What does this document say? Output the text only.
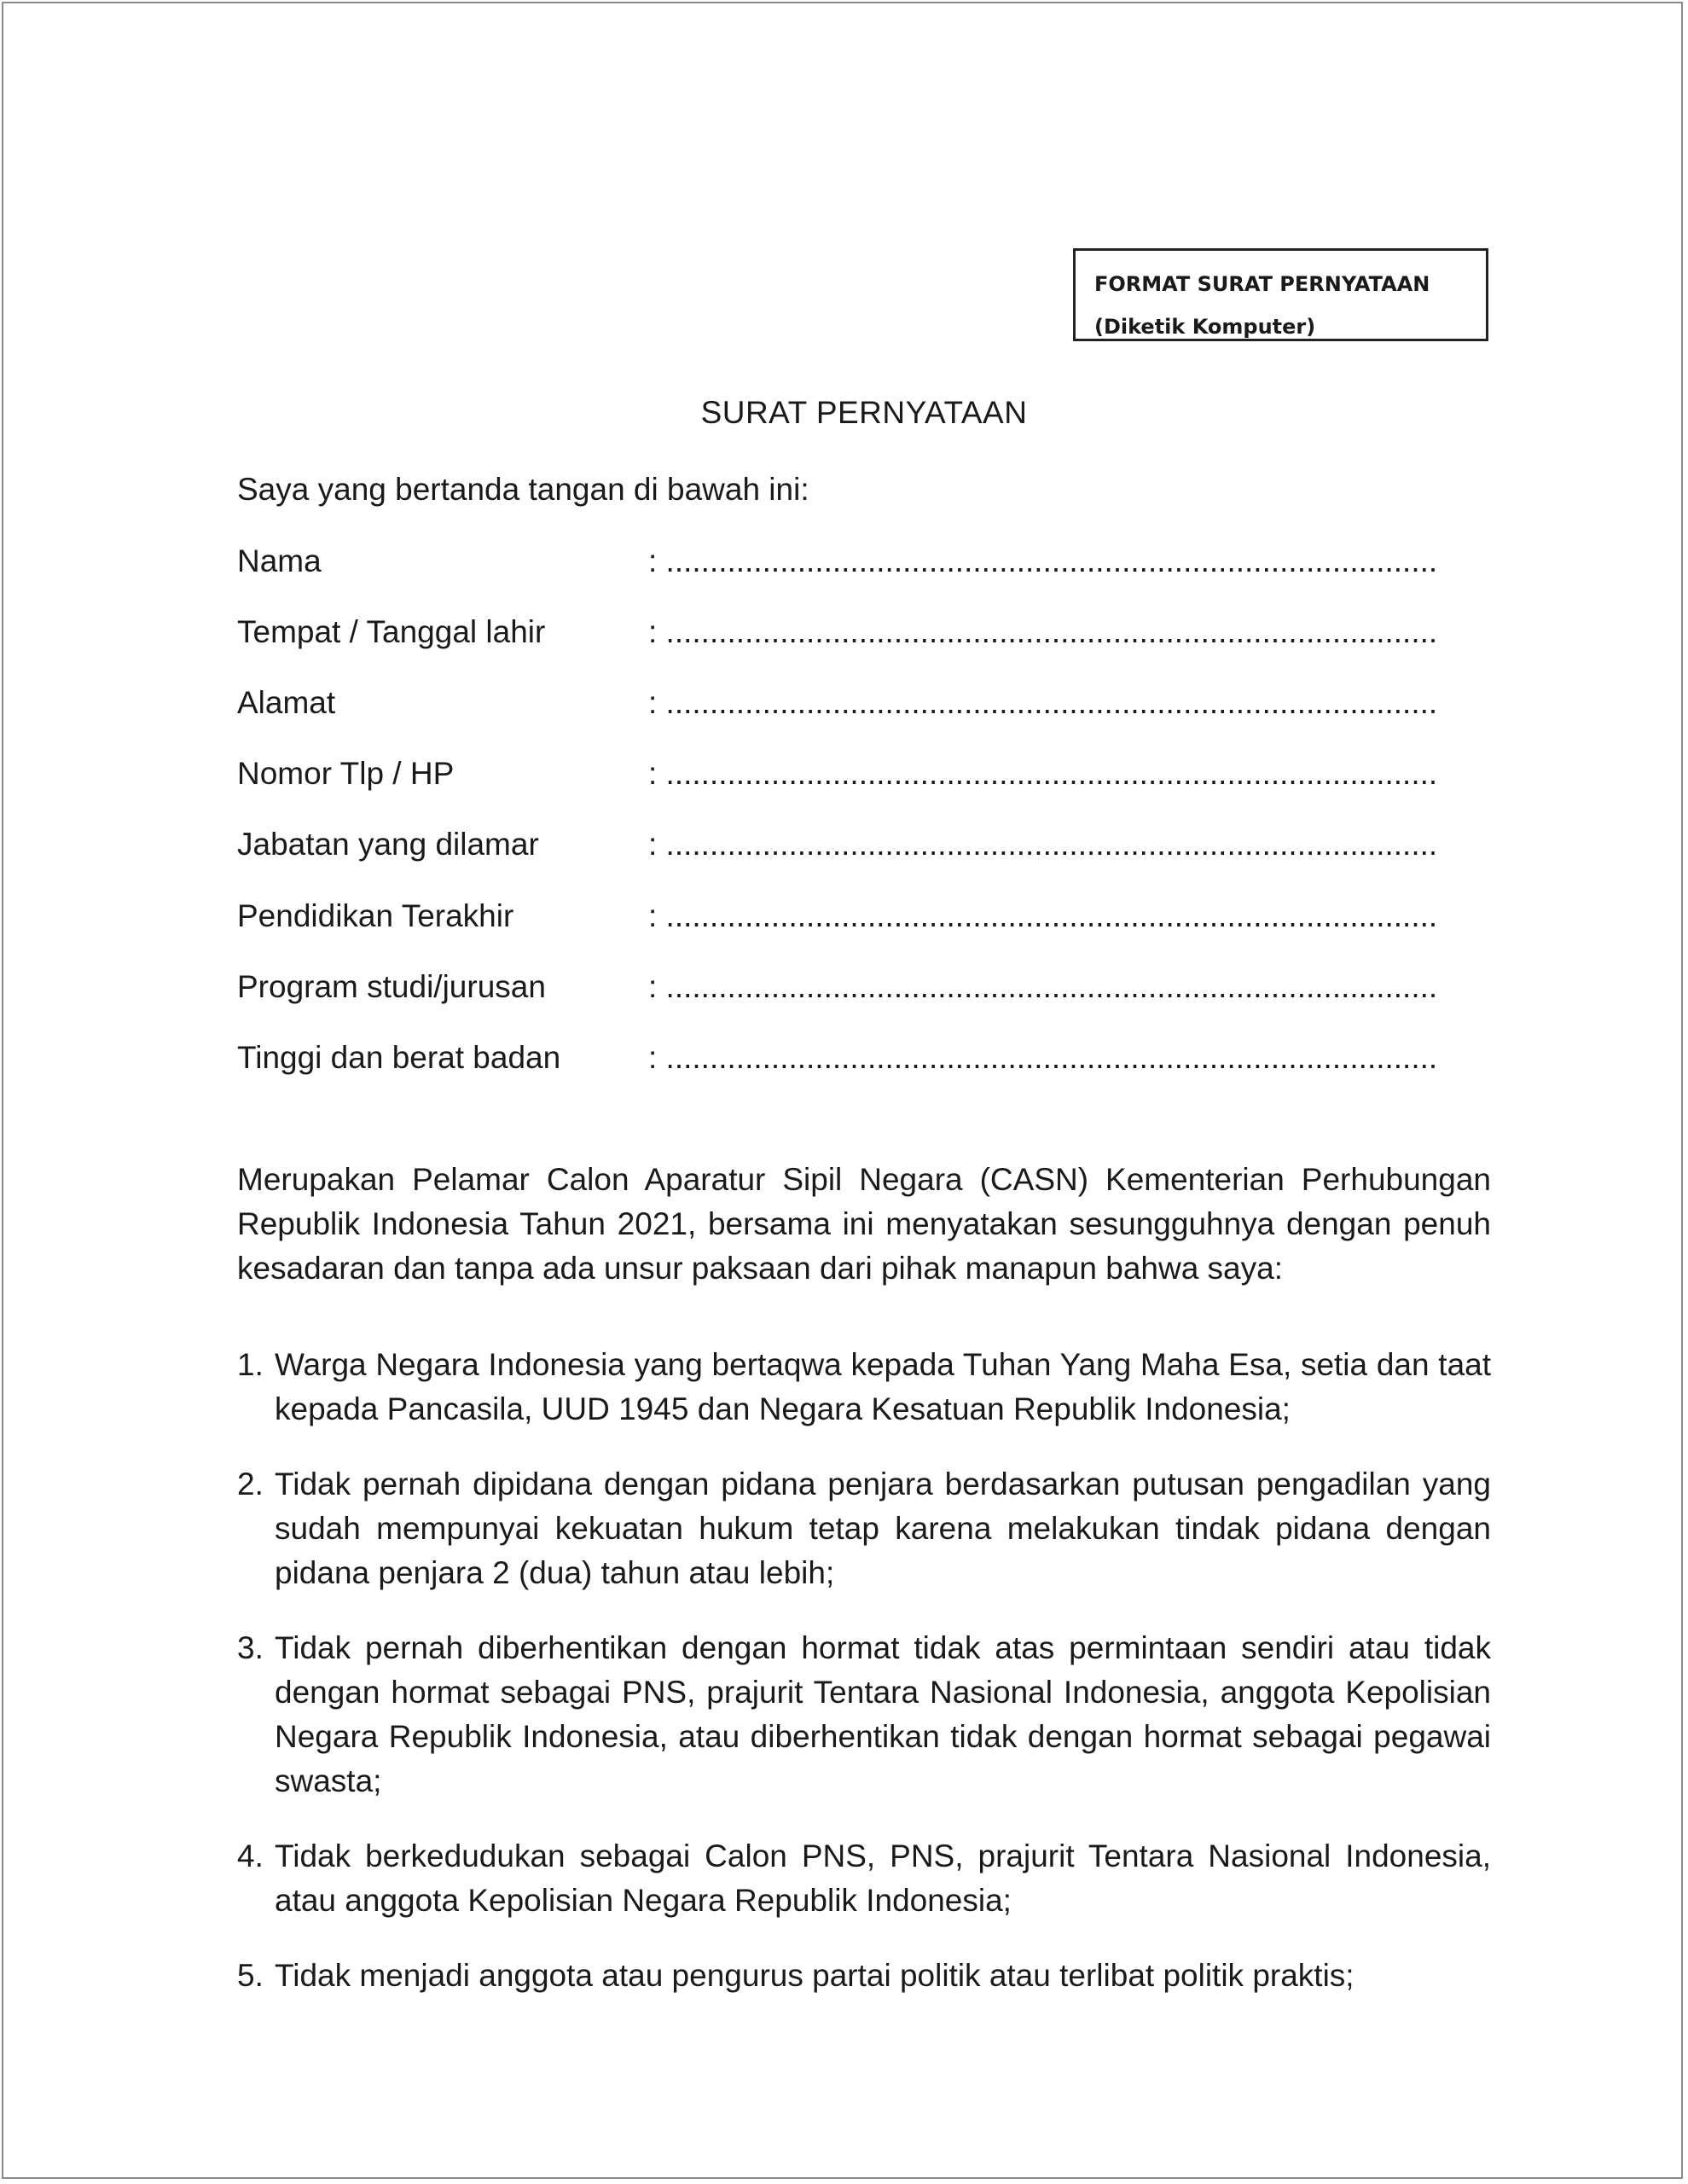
FORMAT SURAT PERNYATAAN
(Diketik Komputer)
SURAT PERNYATAAN
Saya yang bertanda tangan di bawah ini:
Nama	: ........................................................................................
Tempat / Tanggal lahir	: ........................................................................................
Alamat	: ........................................................................................
Nomor Tlp / HP	: ........................................................................................
Jabatan yang dilamar	: ........................................................................................
Pendidikan Terakhir	: ........................................................................................
Program studi/jurusan	: ........................................................................................
Tinggi dan berat badan	: ........................................................................................
Merupakan Pelamar Calon Aparatur Sipil Negara (CASN) Kementerian Perhubungan Republik Indonesia Tahun 2021, bersama ini menyatakan sesungguhnya dengan penuh kesadaran dan tanpa ada unsur paksaan dari pihak manapun bahwa saya:
1. Warga Negara Indonesia yang bertaqwa kepada Tuhan Yang Maha Esa, setia dan taat kepada Pancasila, UUD 1945 dan Negara Kesatuan Republik Indonesia;
2. Tidak pernah dipidana dengan pidana penjara berdasarkan putusan pengadilan yang sudah mempunyai kekuatan hukum tetap karena melakukan tindak pidana dengan pidana penjara 2 (dua) tahun atau lebih;
3. Tidak pernah diberhentikan dengan hormat tidak atas permintaan sendiri atau tidak dengan hormat sebagai PNS, prajurit Tentara Nasional Indonesia, anggota Kepolisian Negara Republik Indonesia, atau diberhentikan tidak dengan hormat sebagai pegawai swasta;
4. Tidak berkedudukan sebagai Calon PNS, PNS, prajurit Tentara Nasional Indonesia, atau anggota Kepolisian Negara Republik Indonesia;
5. Tidak menjadi anggota atau pengurus partai politik atau terlibat politik praktis;
